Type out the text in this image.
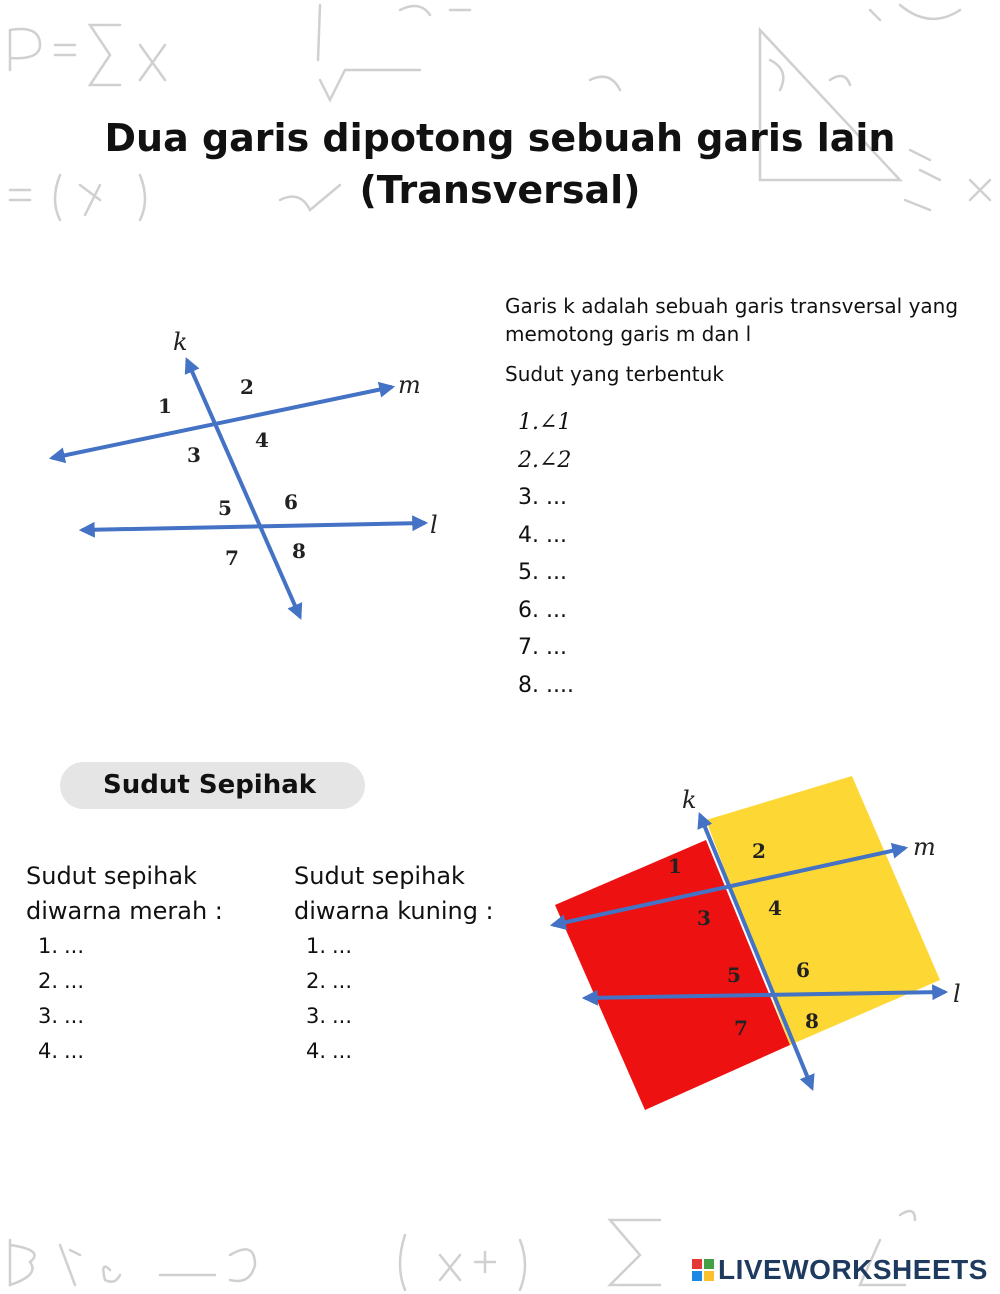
Dua garis dipotong sebuah garis lain
(Transversal)
k
m
l
1
2
3
4
5	6
7	8

Garis k adalah sebuah garis transversal yang memotong garis m dan l

Sudut yang terbentuk

1.∠1
2.∠2
3. ...
4. ...
5. ...
6. ...
7. ...
8. ....
Sudut Sepihak
Sudut sepihak
diwarna merah :
1. ...
2. ...
3. ...
4. ...
Sudut sepihak
diwarna kuning :
1. ...
2. ...
3. ...
4. ...
k
m
l
1
2
3	4
5	6
7	8
LIVEWORKSHEETS
